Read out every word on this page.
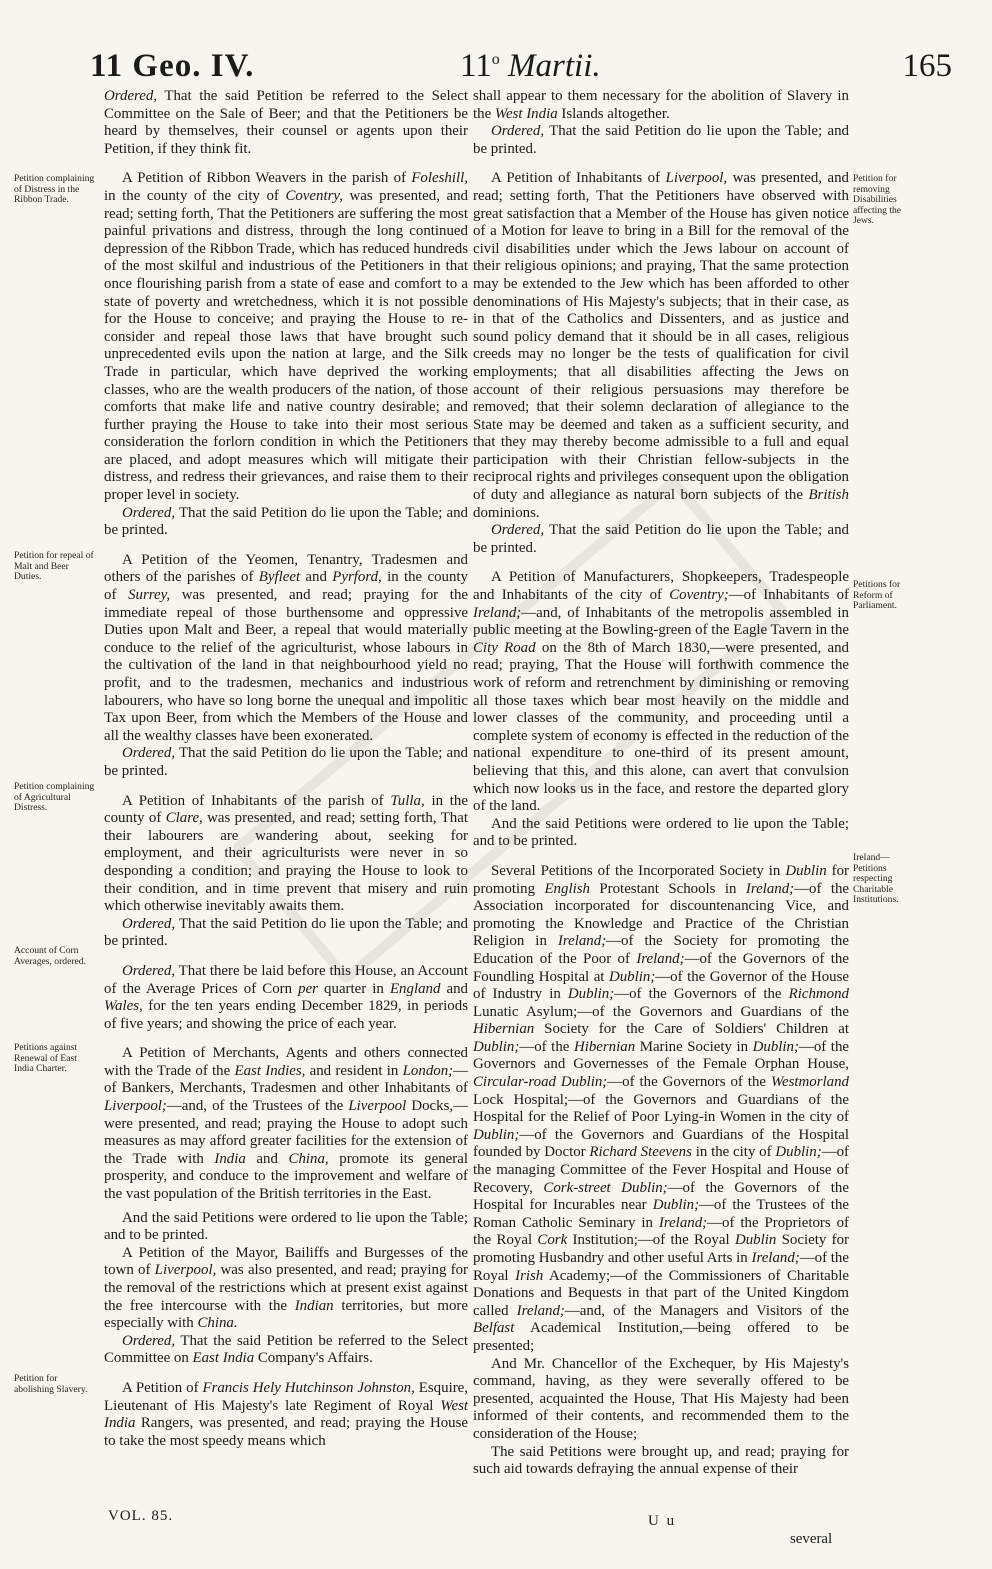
11 Geo. IV.	11$^o$ Martii.	165
Petition complaining of Distress in the Ribbon Trade.
Petition for repeal of Malt and Beer Duties.
Petition complaining of Agricultural Distress.
Account of Corn Averages, ordered.
Petitions against Renewal of East India Charter.
Petition for abolishing Slavery.
Petition for removing Disabilities affecting the Jews.
Petitions for Reform of Parliament.
Ireland—Petitions respecting Charitable Institutions.

Ordered, That the said Petition be referred to the Select Committee on the Sale of Beer; and that the Petitioners be heard by themselves, their counsel or agents upon their Petition, if they think fit.

A Petition of Ribbon Weavers in the parish of Foleshill, in the county of the city of Coventry, was presented, and read; setting forth, That the Petitioners are suffering the most painful privations and distress, through the long continued depression of the Ribbon Trade, which has reduced hundreds of the most skilful and industrious of the Petitioners in that once flourishing parish from a state of ease and comfort to a state of poverty and wretchedness, which it is not possible for the House to conceive; and praying the House to re-consider and repeal those laws that have brought such unprecedented evils upon the nation at large, and the Silk Trade in particular, which have deprived the working classes, who are the wealth producers of the nation, of those comforts that make life and native country desirable; and further praying the House to take into their most serious consideration the forlorn condition in which the Petitioners are placed, and adopt measures which will mitigate their distress, and redress their grievances, and raise them to their proper level in society.

Ordered, That the said Petition do lie upon the Table; and be printed.

A Petition of the Yeomen, Tenantry, Tradesmen and others of the parishes of Byfleet and Pyrford, in the county of Surrey, was presented, and read; praying for the immediate repeal of those burthensome and oppressive Duties upon Malt and Beer, a repeal that would materially conduce to the relief of the agriculturist, whose labours in the cultivation of the land in that neighbourhood yield no profit, and to the tradesmen, mechanics and industrious labourers, who have so long borne the unequal and impolitic Tax upon Beer, from which the Members of the House and all the wealthy classes have been exonerated.

Ordered, That the said Petition do lie upon the Table; and be printed.

A Petition of Inhabitants of the parish of Tulla, in the county of Clare, was presented, and read; setting forth, That their labourers are wandering about, seeking for employment, and their agriculturists were never in so desponding a condition; and praying the House to look to their condition, and in time prevent that misery and ruin which otherwise inevitably awaits them.

Ordered, That the said Petition do lie upon the Table; and be printed.

Ordered, That there be laid before this House, an Account of the Average Prices of Corn per quarter in England and Wales, for the ten years ending December 1829, in periods of five years; and showing the price of each year.

A Petition of Merchants, Agents and others connected with the Trade of the East Indies, and resident in London;—of Bankers, Merchants, Tradesmen and other Inhabitants of Liverpool;—and, of the Trustees of the Liverpool Docks,—were presented, and read; praying the House to adopt such measures as may afford greater facilities for the extension of the Trade with India and China, promote its general prosperity, and conduce to the improvement and welfare of the vast population of the British territories in the East.

And the said Petitions were ordered to lie upon the Table; and to be printed.

A Petition of the Mayor, Bailiffs and Burgesses of the town of Liverpool, was also presented, and read; praying for the removal of the restrictions which at present exist against the free intercourse with the Indian territories, but more especially with China.

Ordered, That the said Petition be referred to the Select Committee on East India Company's Affairs.

A Petition of Francis Hely Hutchinson Johnston, Esquire, Lieutenant of His Majesty's late Regiment of Royal West India Rangers, was presented, and read; praying the House to take the most speedy means which

shall appear to them necessary for the abolition of Slavery in the West India Islands altogether.

Ordered, That the said Petition do lie upon the Table; and be printed.

A Petition of Inhabitants of Liverpool, was presented, and read; setting forth, That the Petitioners have observed with great satisfaction that a Member of the House has given notice of a Motion for leave to bring in a Bill for the removal of the civil disabilities under which the Jews labour on account of their religious opinions; and praying, That the same protection may be extended to the Jew which has been afforded to other denominations of His Majesty's subjects; that in their case, as in that of the Catholics and Dissenters, and as justice and sound policy demand that it should be in all cases, religious creeds may no longer be the tests of qualification for civil employments; that all disabilities affecting the Jews on account of their religious persuasions may therefore be removed; that their solemn declaration of allegiance to the State may be deemed and taken as a sufficient security, and that they may thereby become admissible to a full and equal participation with their Christian fellow-subjects in the reciprocal rights and privileges consequent upon the obligation of duty and allegiance as natural born subjects of the British dominions.

Ordered, That the said Petition do lie upon the Table; and be printed.

A Petition of Manufacturers, Shopkeepers, Tradespeople and Inhabitants of the city of Coventry;—of Inhabitants of Ireland;—and, of Inhabitants of the metropolis assembled in public meeting at the Bowling-green of the Eagle Tavern in the City Road on the 8th of March 1830,—were presented, and read; praying, That the House will forthwith commence the work of reform and retrenchment by diminishing or removing all those taxes which bear most heavily on the middle and lower classes of the community, and proceeding until a complete system of economy is effected in the reduction of the national expenditure to one-third of its present amount, believing that this, and this alone, can avert that convulsion which now looks us in the face, and restore the departed glory of the land.

And the said Petitions were ordered to lie upon the Table; and to be printed.

Several Petitions of the Incorporated Society in Dublin for promoting English Protestant Schools in Ireland;—of the Association incorporated for discountenancing Vice, and promoting the Knowledge and Practice of the Christian Religion in Ireland;—of the Society for promoting the Education of the Poor of Ireland;—of the Governors of the Foundling Hospital at Dublin;—of the Governor of the House of Industry in Dublin;—of the Governors of the Richmond Lunatic Asylum;—of the Governors and Guardians of the Hibernian Society for the Care of Soldiers' Children at Dublin;—of the Hibernian Marine Society in Dublin;—of the Governors and Governesses of the Female Orphan House, Circular-road Dublin;—of the Governors of the Westmorland Lock Hospital;—of the Governors and Guardians of the Hospital for the Relief of Poor Lying-in Women in the city of Dublin;—of the Governors and Guardians of the Hospital founded by Doctor Richard Steevens in the city of Dublin;—of the managing Committee of the Fever Hospital and House of Recovery, Cork-street Dublin;—of the Governors of the Hospital for Incurables near Dublin;—of the Trustees of the Roman Catholic Seminary in Ireland;—of the Proprietors of the Royal Cork Institution;—of the Royal Dublin Society for promoting Husbandry and other useful Arts in Ireland;—of the Royal Irish Academy;—of the Commissioners of Charitable Donations and Bequests in that part of the United Kingdom called Ireland;—and, of the Managers and Visitors of the Belfast Academical Institution,—being offered to be presented;

And Mr. Chancellor of the Exchequer, by His Majesty's command, having, as they were severally offered to be presented, acquainted the House, That His Majesty had been informed of their contents, and recommended them to the consideration of the House;

The said Petitions were brought up, and read; praying for such aid towards defraying the annual expense of their

VOL. 85.	U u
several
